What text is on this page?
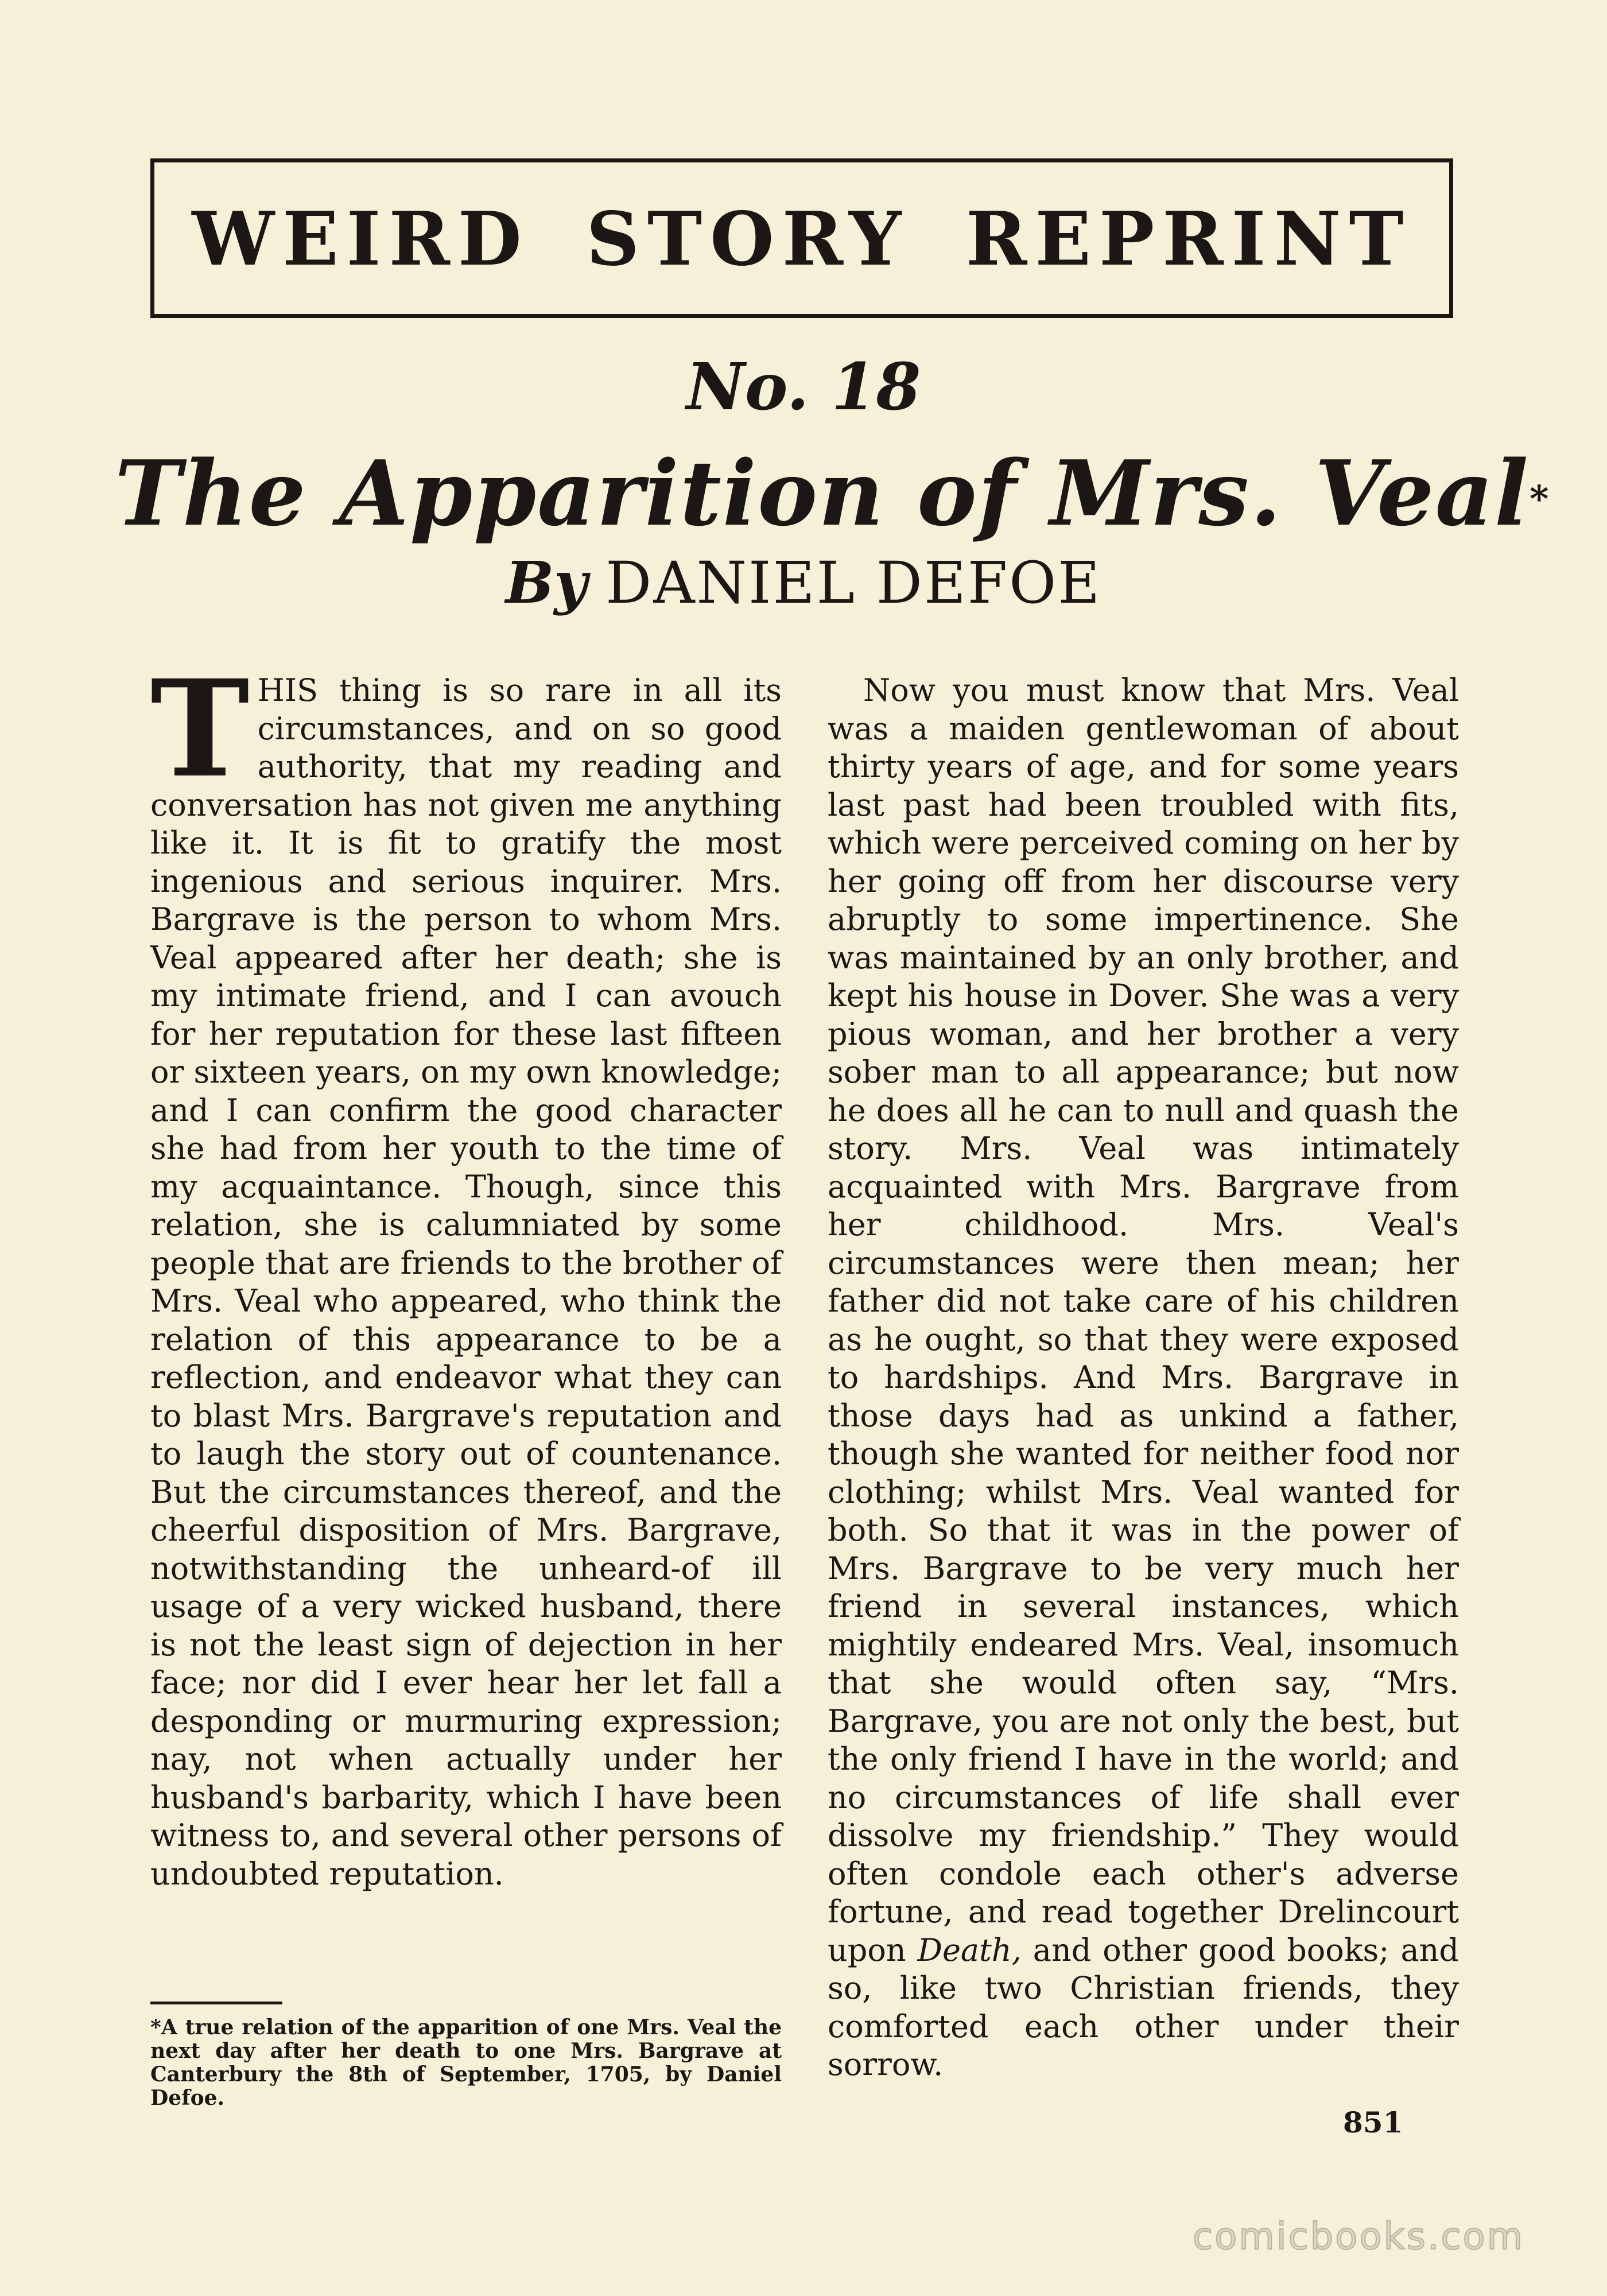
WEIRD STORY REPRINT
No. 18
The Apparition of Mrs. Veal*
By DANIEL DEFOE

THIS thing is so rare in all its circumstances, and on so good authority, that my reading and conversation has not given me anything like it. It is fit to gratify the most ingenious and serious inquirer. Mrs. Bargrave is the person to whom Mrs. Veal appeared after her death; she is my intimate friend, and I can avouch for her reputation for these last fifteen or sixteen years, on my own knowledge; and I can confirm the good character she had from her youth to the time of my acquaintance. Though, since this relation, she is calumniated by some people that are friends to the brother of Mrs. Veal who appeared, who think the relation of this appearance to be a reflection, and endeavor what they can to blast Mrs. Bargrave's reputation and to laugh the story out of countenance. But the circumstances thereof, and the cheerful disposition of Mrs. Bargrave, notwithstanding the unheard-of ill usage of a very wicked husband, there is not the least sign of dejection in her face; nor did I ever hear her let fall a desponding or murmuring expression; nay, not when actually under her husband's barbarity, which I have been witness to, and several other persons of undoubted reputation.

*A true relation of the apparition of one Mrs. Veal the next day after her death to one Mrs. Bargrave at Canterbury the 8th of September, 1705, by Daniel Defoe.

Now you must know that Mrs. Veal was a maiden gentlewoman of about thirty years of age, and for some years last past had been troubled with fits, which were perceived coming on her by her going off from her discourse very abruptly to some impertinence. She was maintained by an only brother, and kept his house in Dover. She was a very pious woman, and her brother a very sober man to all appearance; but now he does all he can to null and quash the story. Mrs. Veal was intimately acquainted with Mrs. Bargrave from her childhood. Mrs. Veal's circumstances were then mean; her father did not take care of his children as he ought, so that they were exposed to hardships. And Mrs. Bargrave in those days had as unkind a father, though she wanted for neither food nor clothing; whilst Mrs. Veal wanted for both. So that it was in the power of Mrs. Bargrave to be very much her friend in several instances, which mightily endeared Mrs. Veal, insomuch that she would often say, “Mrs. Bargrave, you are not only the best, but the only friend I have in the world; and no circumstances of life shall ever dissolve my friendship.” They would often condole each other's adverse fortune, and read together Drelincourt upon Death, and other good books; and so, like two Christian friends, they comforted each other under their sorrow.

851
comicbooks.com
